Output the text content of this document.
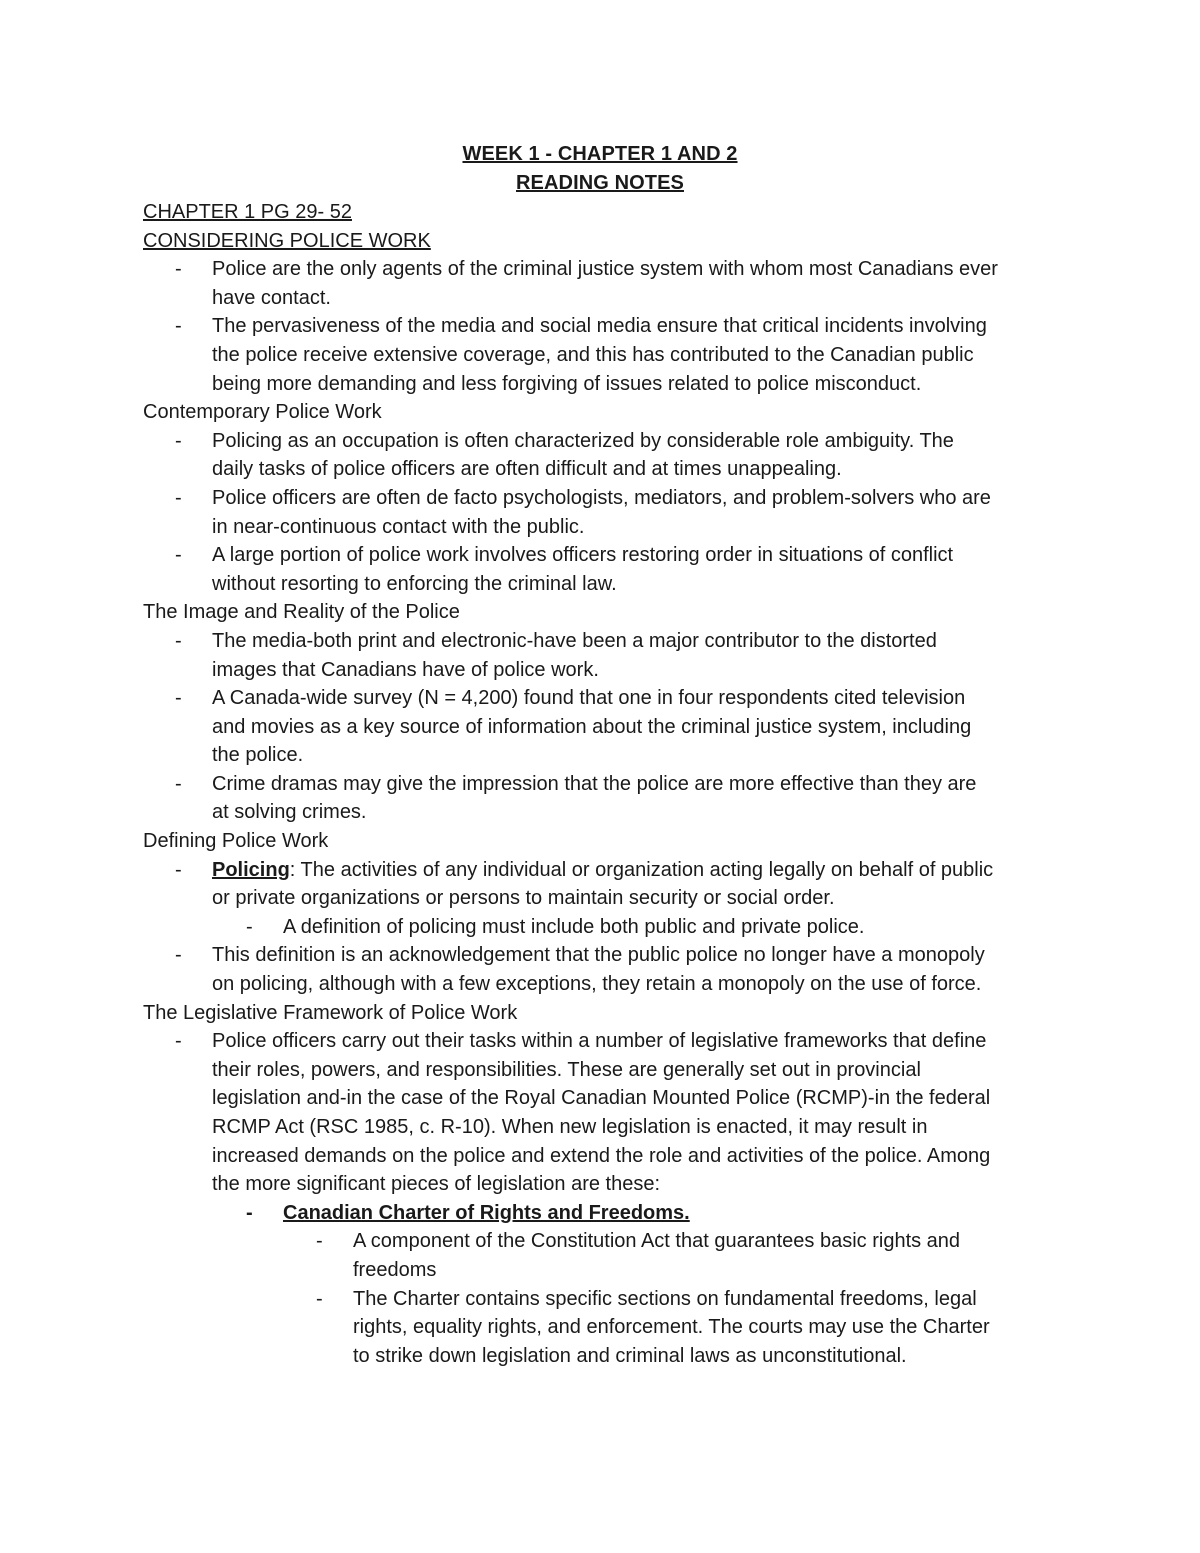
WEEK 1 - CHAPTER 1 AND 2
READING NOTES

CHAPTER 1 PG 29- 52

CONSIDERING POLICE WORK

- Police are the only agents of the criminal justice system with whom most Canadians ever
have contact.
- The pervasiveness of the media and social media ensure that critical incidents involving
the police receive extensive coverage, and this has contributed to the Canadian public
being more demanding and less forgiving of issues related to police misconduct.

Contemporary Police Work

- Policing as an occupation is often characterized by considerable role ambiguity. The
daily tasks of police officers are often difficult and at times unappealing.
- Police officers are often de facto psychologists, mediators, and problem-solvers who are
in near-continuous contact with the public.
- A large portion of police work involves officers restoring order in situations of conflict
without resorting to enforcing the criminal law.

The Image and Reality of the Police

- The media-both print and electronic-have been a major contributor to the distorted
images that Canadians have of police work.
- A Canada-wide survey (N = 4,200) found that one in four respondents cited television
and movies as a key source of information about the criminal justice system, including
the police.
- Crime dramas may give the impression that the police are more effective than they are
at solving crimes.

Defining Police Work

- Policing: The activities of any individual or organization acting legally on behalf of public
or private organizations or persons to maintain security or social order.
- A definition of policing must include both public and private police.
- This definition is an acknowledgement that the public police no longer have a monopoly
on policing, although with a few exceptions, they retain a monopoly on the use of force.

The Legislative Framework of Police Work

- Police officers carry out their tasks within a number of legislative frameworks that define
their roles, powers, and responsibilities. These are generally set out in provincial
legislation and-in the case of the Royal Canadian Mounted Police (RCMP)-in the federal
RCMP Act (RSC 1985, c. R-10). When new legislation is enacted, it may result in
increased demands on the police and extend the role and activities of the police. Among
the more significant pieces of legislation are these:
- Canadian Charter of Rights and Freedoms.
- A component of the Constitution Act that guarantees basic rights and
freedoms
- The Charter contains specific sections on fundamental freedoms, legal
rights, equality rights, and enforcement. The courts may use the Charter
to strike down legislation and criminal laws as unconstitutional.
